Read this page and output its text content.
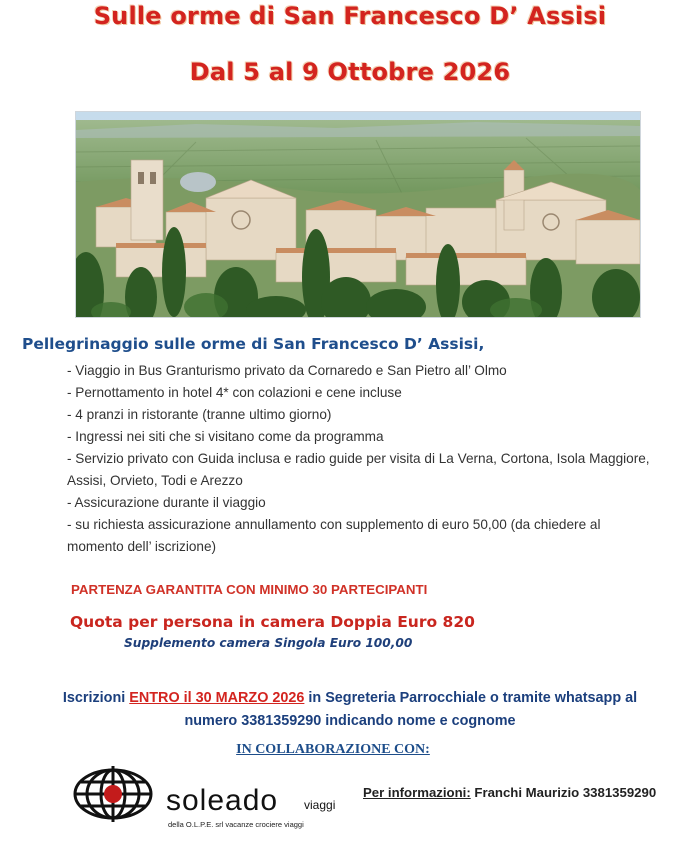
Sulle orme di San Francesco D’ Assisi
Dal 5 al 9 Ottobre 2026
Pellegrinaggio sulle orme di San Francesco D’ Assisi,
- Viaggio in Bus Granturismo privato da Cornaredo e San Pietro all’ Olmo
- Pernottamento in hotel 4* con colazioni e cene incluse
- 4 pranzi in ristorante (tranne ultimo giorno)
- Ingressi nei siti che si visitano come da programma
- Servizio privato con Guida inclusa e radio guide per visita di La Verna, Cortona, Isola Maggiore, Assisi, Orvieto, Todi e Arezzo
- Assicurazione durante il viaggio
- su richiesta assicurazione annullamento con supplemento di euro 50,00 (da chiedere al momento dell’ iscrizione)
PARTENZA GARANTITA CON MINIMO 30 PARTECIPANTI
Quota per persona in camera Doppia Euro 820
Supplemento camera Singola Euro 100,00
Iscrizioni ENTRO il 30 MARZO 2026 in Segreteria Parrocchiale o tramite whatsapp al
numero 3381359290 indicando nome e cognome
IN COLLABORAZIONE CON:
soleado viaggi
della O.L.P.E. srl vacanze crociere viaggi
Per informazioni: Franchi Maurizio 3381359290
